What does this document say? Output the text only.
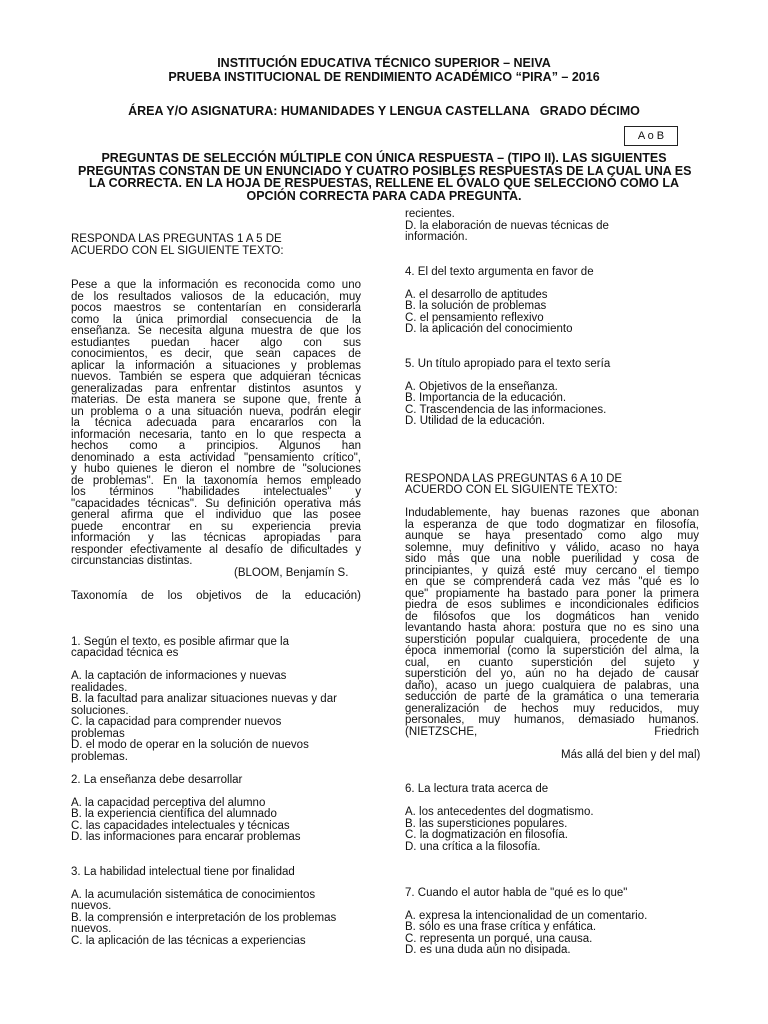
INSTITUCIÓN EDUCATIVA TÉCNICO SUPERIOR – NEIVA
PRUEBA INSTITUCIONAL DE RENDIMIENTO ACADÉMICO “PIRA” – 2016
ÁREA Y/O ASIGNATURA: HUMANIDADES Y LENGUA CASTELLANA   GRADO DÉCIMO
A o B
PREGUNTAS DE SELECCIÓN MÚLTIPLE CON ÚNICA RESPUESTA – (TIPO II). LAS SIGUIENTES
PREGUNTAS CONSTAN DE UN ENUNCIADO Y CUATRO POSIBLES RESPUESTAS DE LA CUAL UNA ES
LA CORRECTA. EN LA HOJA DE RESPUESTAS, RELLENE EL ÓVALO QUE SELECCIONÓ COMO LA
OPCIÓN CORRECTA PARA CADA PREGUNTA.
RESPONDA LAS PREGUNTAS 1 A 5 DE
ACUERDO CON EL SIGUIENTE TEXTO:
Pese a que la información es reconocida como uno
de los resultados valiosos de la educación, muy
pocos maestros se contentarían en considerarla
como la única primordial consecuencia de la
enseñanza. Se necesita alguna muestra de que los
estudiantes puedan hacer algo con sus
conocimientos, es decir, que sean capaces de
aplicar la información a situaciones y problemas
nuevos. También se espera que adquieran técnicas
generalizadas para enfrentar distintos asuntos y
materias. De esta manera se supone que, frente a
un problema o a una situación nueva, podrán elegir
la técnica adecuada para encararlos con la
información necesaria, tanto en lo que respecta a
hechos como a principios. Algunos han
denominado a esta actividad "pensamiento crítico",
y hubo quienes le dieron el nombre de "soluciones
de problemas". En la taxonomía hemos empleado
los términos "habilidades intelectuales" y
"capacidades técnicas". Su definición operativa más
general afirma que el individuo que las posee
puede encontrar en su experiencia previa
información y las técnicas apropiadas para
responder efectivamente al desafío de dificultades y
circunstancias distintas.
(BLOOM, Benjamín S.
Taxonomía de los objetivos de la educación)
1. Según el texto, es posible afirmar que la
capacidad técnica es
A. la captación de informaciones y nuevas
realidades.
B. la facultad para analizar situaciones nuevas y dar
soluciones.
C. la capacidad para comprender nuevos
problemas
D. el modo de operar en la solución de nuevos
problemas.
2. La enseñanza debe desarrollar
A. la capacidad perceptiva del alumno
B. la experiencia científica del alumnado
C. las capacidades intelectuales y técnicas
D. las informaciones para encarar problemas
3. La habilidad intelectual tiene por finalidad
A. la acumulación sistemática de conocimientos
nuevos.
B. la comprensión e interpretación de los problemas
nuevos.
C. la aplicación de las técnicas a experiencias
recientes.
D. la elaboración de nuevas técnicas de
información.
4. El del texto argumenta en favor de
A. el desarrollo de aptitudes
B. la solución de problemas
C. el pensamiento reflexivo
D. la aplicación del conocimiento
5. Un título apropiado para el texto sería
A. Objetivos de la enseñanza.
B. Importancia de la educación.
C. Trascendencia de las informaciones.
D. Utilidad de la educación.
RESPONDA LAS PREGUNTAS 6 A 10 DE
ACUERDO CON EL SIGUIENTE TEXTO:
Indudablemente, hay buenas razones que abonan
la esperanza de que todo dogmatizar en filosofía,
aunque se haya presentado como algo muy
solemne, muy definitivo y válido, acaso no haya
sido más que una noble puerilidad y cosa de
principiantes, y quizá esté muy cercano el tiempo
en que se comprenderá cada vez más "qué es lo
que" propiamente ha bastado para poner la primera
piedra de esos sublimes e incondicionales edificios
de filósofos que los dogmáticos han venido
levantando hasta ahora: postura que no es sino una
superstición popular cualquiera, procedente de una
época inmemorial (como la superstición del alma, la
cual, en cuanto superstición del sujeto y
superstición del yo, aún no ha dejado de causar
daño), acaso un juego cualquiera de palabras, una
seducción de parte de la gramática o una temeraria
generalización de hechos muy reducidos, muy
personales, muy humanos, demasiado humanos.
(NIETZSCHE, Friedrich
Más allá del bien y del mal)
6. La lectura trata acerca de
A. los antecedentes del dogmatismo.
B. las supersticiones populares.
C. la dogmatización en filosofía.
D. una crítica a la filosofía.
7. Cuando el autor habla de "qué es lo que"
A. expresa la intencionalidad de un comentario.
B. sólo es una frase crítica y enfática.
C. representa un porqué, una causa.
D. es una duda aún no disipada.
